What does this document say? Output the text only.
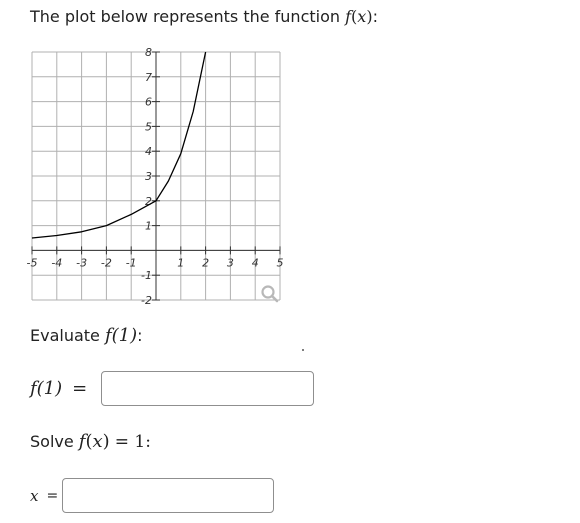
The plot below represents the function f(x):
-5 -4 -3 -2 -1	1 2 3 4 5
-2
-1
1
2
3
4
5
6
7
8
Evaluate f(1):
f(1) =
Solve f(x) = 1:
x =
